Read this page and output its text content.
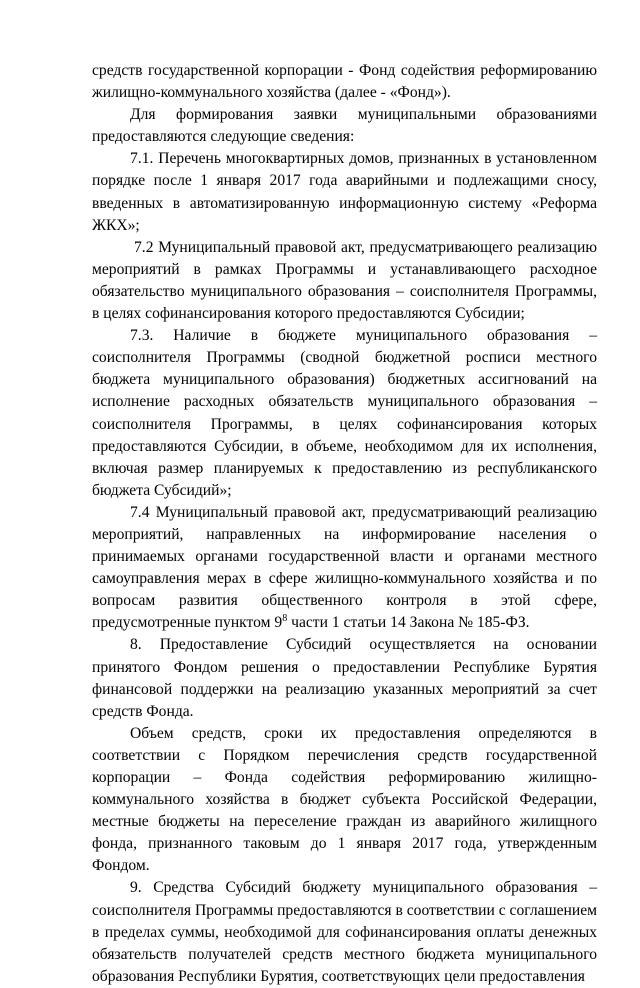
средств государственной корпорации - Фонд содействия реформированию жилищно-коммунального хозяйства (далее - «Фонд»).

Для формирования заявки муниципальными образованиями предоставляются следующие сведения:

7.1. Перечень многоквартирных домов, признанных в установленном порядке после 1 января 2017 года аварийными и подлежащими сносу, введенных в автоматизированную информационную систему «Реформа ЖКХ»;

7.2 Муниципальный правовой акт, предусматривающего реализацию мероприятий в рамках Программы и устанавливающего расходное обязательство муниципального образования – соисполнителя Программы, в целях софинансирования которого предоставляются Субсидии;

7.3. Наличие в бюджете муниципального образования – соисполнителя Программы (сводной бюджетной росписи местного бюджета муниципального образования) бюджетных ассигнований на исполнение расходных обязательств муниципального образования – соисполнителя Программы, в целях софинансирования которых предоставляются Субсидии, в объеме, необходимом для их исполнения, включая размер планируемых к предоставлению из республиканского бюджета Субсидий»;

7.4 Муниципальный правовой акт, предусматривающий реализацию мероприятий, направленных на информирование населения о принимаемых органами государственной власти и органами местного самоуправления мерах в сфере жилищно-коммунального хозяйства и по вопросам развития общественного контроля в этой сфере, предусмотренные пунктом $9^8$ части 1 статьи 14 Закона № 185-ФЗ.

8. Предоставление Субсидий осуществляется на основании принятого Фондом решения о предоставлении Республике Бурятия финансовой поддержки на реализацию указанных мероприятий за счет средств Фонда.

Объем средств, сроки их предоставления определяются в соответствии с Порядком перечисления средств государственной корпорации – Фонда содействия реформированию жилищно-коммунального хозяйства в бюджет субъекта Российской Федерации, местные бюджеты на переселение граждан из аварийного жилищного фонда, признанного таковым до 1 января 2017 года, утвержденным Фондом.

9. Средства Субсидий бюджету муниципального образования – соисполнителя Программы предоставляются в соответствии с соглашением в пределах суммы, необходимой для софинансирования оплаты денежных обязательств получателей средств местного бюджета муниципального образования Республики Бурятия, соответствующих цели предоставления
